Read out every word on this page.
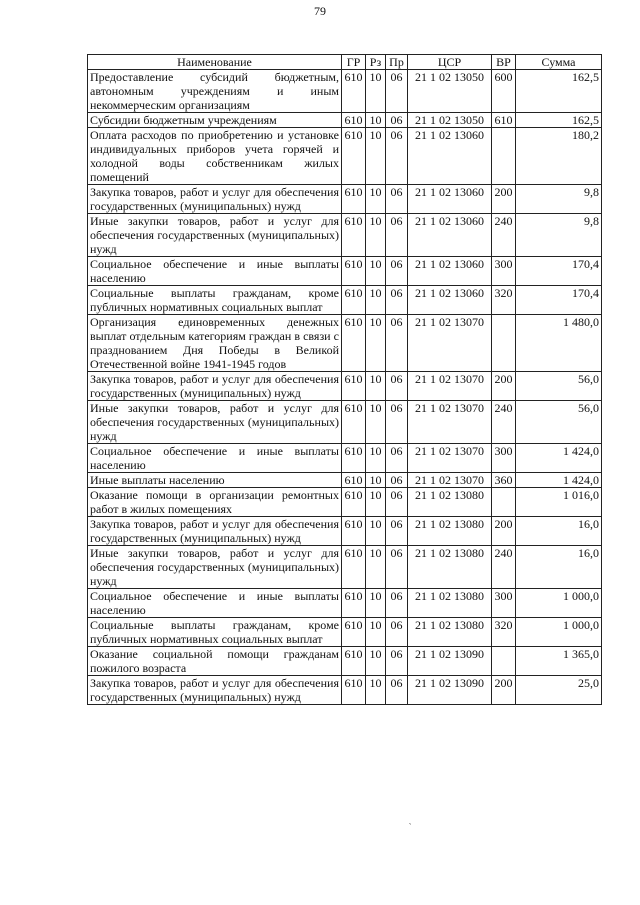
79
Наименование	ГР	Рз	Пр	ЦСР	ВР	Сумма
Предоставление субсидий бюджетным, автономным учреждениям и иным некоммерческим организациям	610	10	06	21 1 02 13050	600	162,5
Субсидии бюджетным учреждениям	610	10	06	21 1 02 13050	610	162,5
Оплата расходов по приобретению и установке индивидуальных приборов учета горячей и холодной воды собственникам жилых помещений	610	10	06	21 1 02 13060		180,2
Закупка товаров, работ и услуг для обеспечения государственных (муниципальных) нужд	610	10	06	21 1 02 13060	200	9,8
Иные закупки товаров, работ и услуг для обеспечения государственных (муниципальных) нужд	610	10	06	21 1 02 13060	240	9,8
Социальное обеспечение и иные выплаты населению	610	10	06	21 1 02 13060	300	170,4
Социальные выплаты гражданам, кроме публичных нормативных социальных выплат	610	10	06	21 1 02 13060	320	170,4
Организация единовременных денежных выплат отдельным категориям граждан в связи с празднованием Дня Победы в Великой Отечественной войне 1941-1945 годов	610	10	06	21 1 02 13070		1 480,0
Закупка товаров, работ и услуг для обеспечения государственных (муниципальных) нужд	610	10	06	21 1 02 13070	200	56,0
Иные закупки товаров, работ и услуг для обеспечения государственных (муниципальных) нужд	610	10	06	21 1 02 13070	240	56,0
Социальное обеспечение и иные выплаты населению	610	10	06	21 1 02 13070	300	1 424,0
Иные выплаты населению	610	10	06	21 1 02 13070	360	1 424,0
Оказание помощи в организации ремонтных работ в жилых помещениях	610	10	06	21 1 02 13080		1 016,0
Закупка товаров, работ и услуг для обеспечения государственных (муниципальных) нужд	610	10	06	21 1 02 13080	200	16,0
Иные закупки товаров, работ и услуг для обеспечения государственных (муниципальных) нужд	610	10	06	21 1 02 13080	240	16,0
Социальное обеспечение и иные выплаты населению	610	10	06	21 1 02 13080	300	1 000,0
Социальные выплаты гражданам, кроме публичных нормативных социальных выплат	610	10	06	21 1 02 13080	320	1 000,0
Оказание социальной помощи гражданам пожилого возраста	610	10	06	21 1 02 13090		1 365,0
Закупка товаров, работ и услуг для обеспечения государственных (муниципальных) нужд	610	10	06	21 1 02 13090	200	25,0
‵
